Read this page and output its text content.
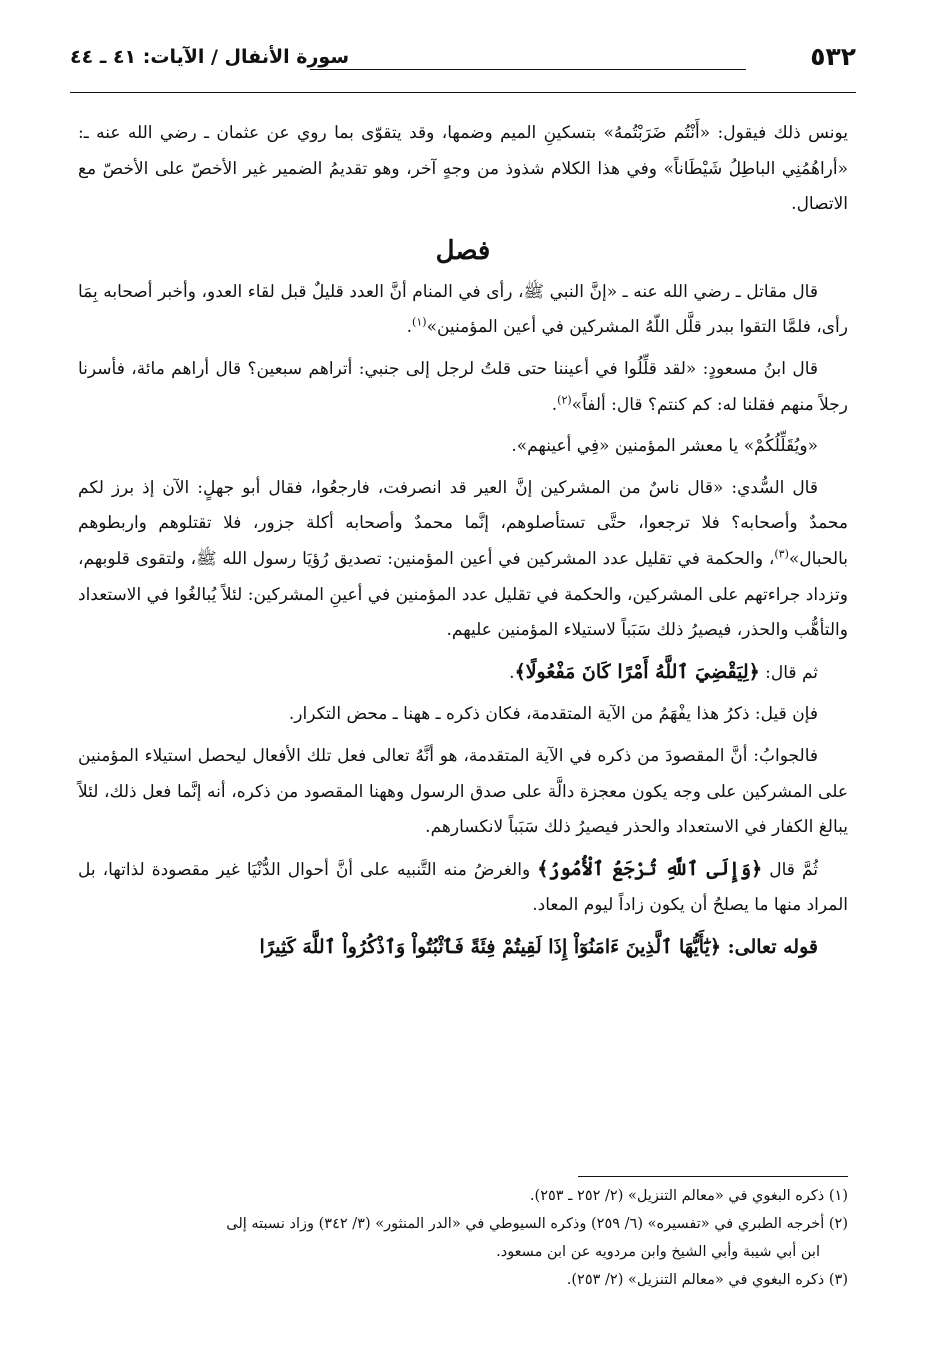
٥٣٢
سورة الأنفال / الآيات: ٤١ ـ ٤٤

يونس ذلك فيقول: «أَنْتُم ضَرَبْتُمهُ» بتسكينِ الميم وضمها، وقد يتقوّى بما روي عن عثمان ـ رضي الله عنه ـ: «أراهُمُنِي الباطِلُ شَيْطَاناً» وفي هذا الكلام شذوذ من وجهٍ آخر، وهو تقديمُ الضمير غير الأخصّ على الأخصّ مع الاتصال.

فصل

قال مقاتل ـ رضي الله عنه ـ «إنَّ النبي ﷺ، رأى في المنام أنَّ العدد قليلٌ قبل لقاء العدو، وأخبر أصحابه بِمَا رأى، فلمَّا التقوا ببدر قلَّل اللّهُ المشركين في أعين المؤمنين»$^{(١)}$.

قال ابنُ مسعودٍ: «لقد قلِّلُوا في أعيننا حتى قلتُ لرجل إلى جنبي: أتراهم سبعين؟ قال أراهم مائة، فأسرنا رجلاً منهم فقلنا له: كم كنتم؟ قال: ألفاً»$^{(٢)}$.

«ويُقَلِّلُكُمْ» يا معشر المؤمنين «فِي أعينهم».

قال السُّدي: «قال ناسٌ من المشركين إنَّ العير قد انصرفت، فارجعُوا، فقال أبو جهلٍ: الآن إذ برز لكم محمدٌ وأصحابه؟ فلا ترجعوا، حتَّى تستأصلوهم، إنَّما محمدٌ وأصحابه أكلة جزور، فلا تقتلوهم واربطوهم بالحبال»$^{(٣)}$، والحكمة في تقليل عدد المشركين في أعين المؤمنين: تصديق رُؤيَا رسول الله ﷺ، ولتقوى قلوبهم، وتزداد جراءتهم على المشركين، والحكمة في تقليل عدد المؤمنين في أعينِ المشركين: لئلاً يُبالغُوا في الاستعداد والتأهُّب والحذر، فيصيرُ ذلك سَبَباً لاستيلاء المؤمنين عليهم.

ثم قال: ﴿لِيَقْضِيَ ٱللَّهُ أَمْرًا كَانَ مَفْعُولًا﴾.

فإن قيل: ذكرُ هذا يفْهَمُ من الآية المتقدمة، فكان ذكره ـ ههنا ـ محض التكرار.

فالجوابُ: أنَّ المقصودَ من ذكره في الآية المتقدمة، هو أنَّهُ تعالى فعل تلك الأفعال ليحصل استيلاء المؤمنين على المشركين على وجه يكون معجزة دالَّة على صدق الرسول وههنا المقصود من ذكره، أنه إنَّما فعل ذلك، لئلاً يبالغ الكفار في الاستعداد والحذر فيصيرُ ذلك سَبَباً لانكسارهم.

ثُمَّ قال ﴿وَإِلَى ٱللَّهِ تُرْجَعُ ٱلْأُمُورُ﴾ والغرضُ منه التَّنبيه على أنَّ أحوال الدُّنْيَا غير مقصودة لذاتها، بل المراد منها ما يصلحُ أن يكون زاداً ليوم المعاد.

قوله تعالى: ﴿يَٰٓأَيُّهَا ٱلَّذِينَ ءَامَنُوٓاْ إِذَا لَقِيتُمْ فِئَةً فَٱثْبُتُواْ وَٱذْكُرُواْ ٱللَّهَ كَثِيرًا

(١) ذكره البغوي في «معالم التنزيل» (٢/ ٢٥٢ ـ ٢٥٣).

(٢) أخرجه الطبري في «تفسيره» (٦/ ٢٥٩) وذكره السيوطي في «الدر المنثور» (٣/ ٣٤٢) وزاد نسبته إلى

ابن أبي شيبة وأبي الشيخ وابن مردويه عن ابن مسعود.

(٣) ذكره البغوي في «معالم التنزيل» (٢/ ٢٥٣).
